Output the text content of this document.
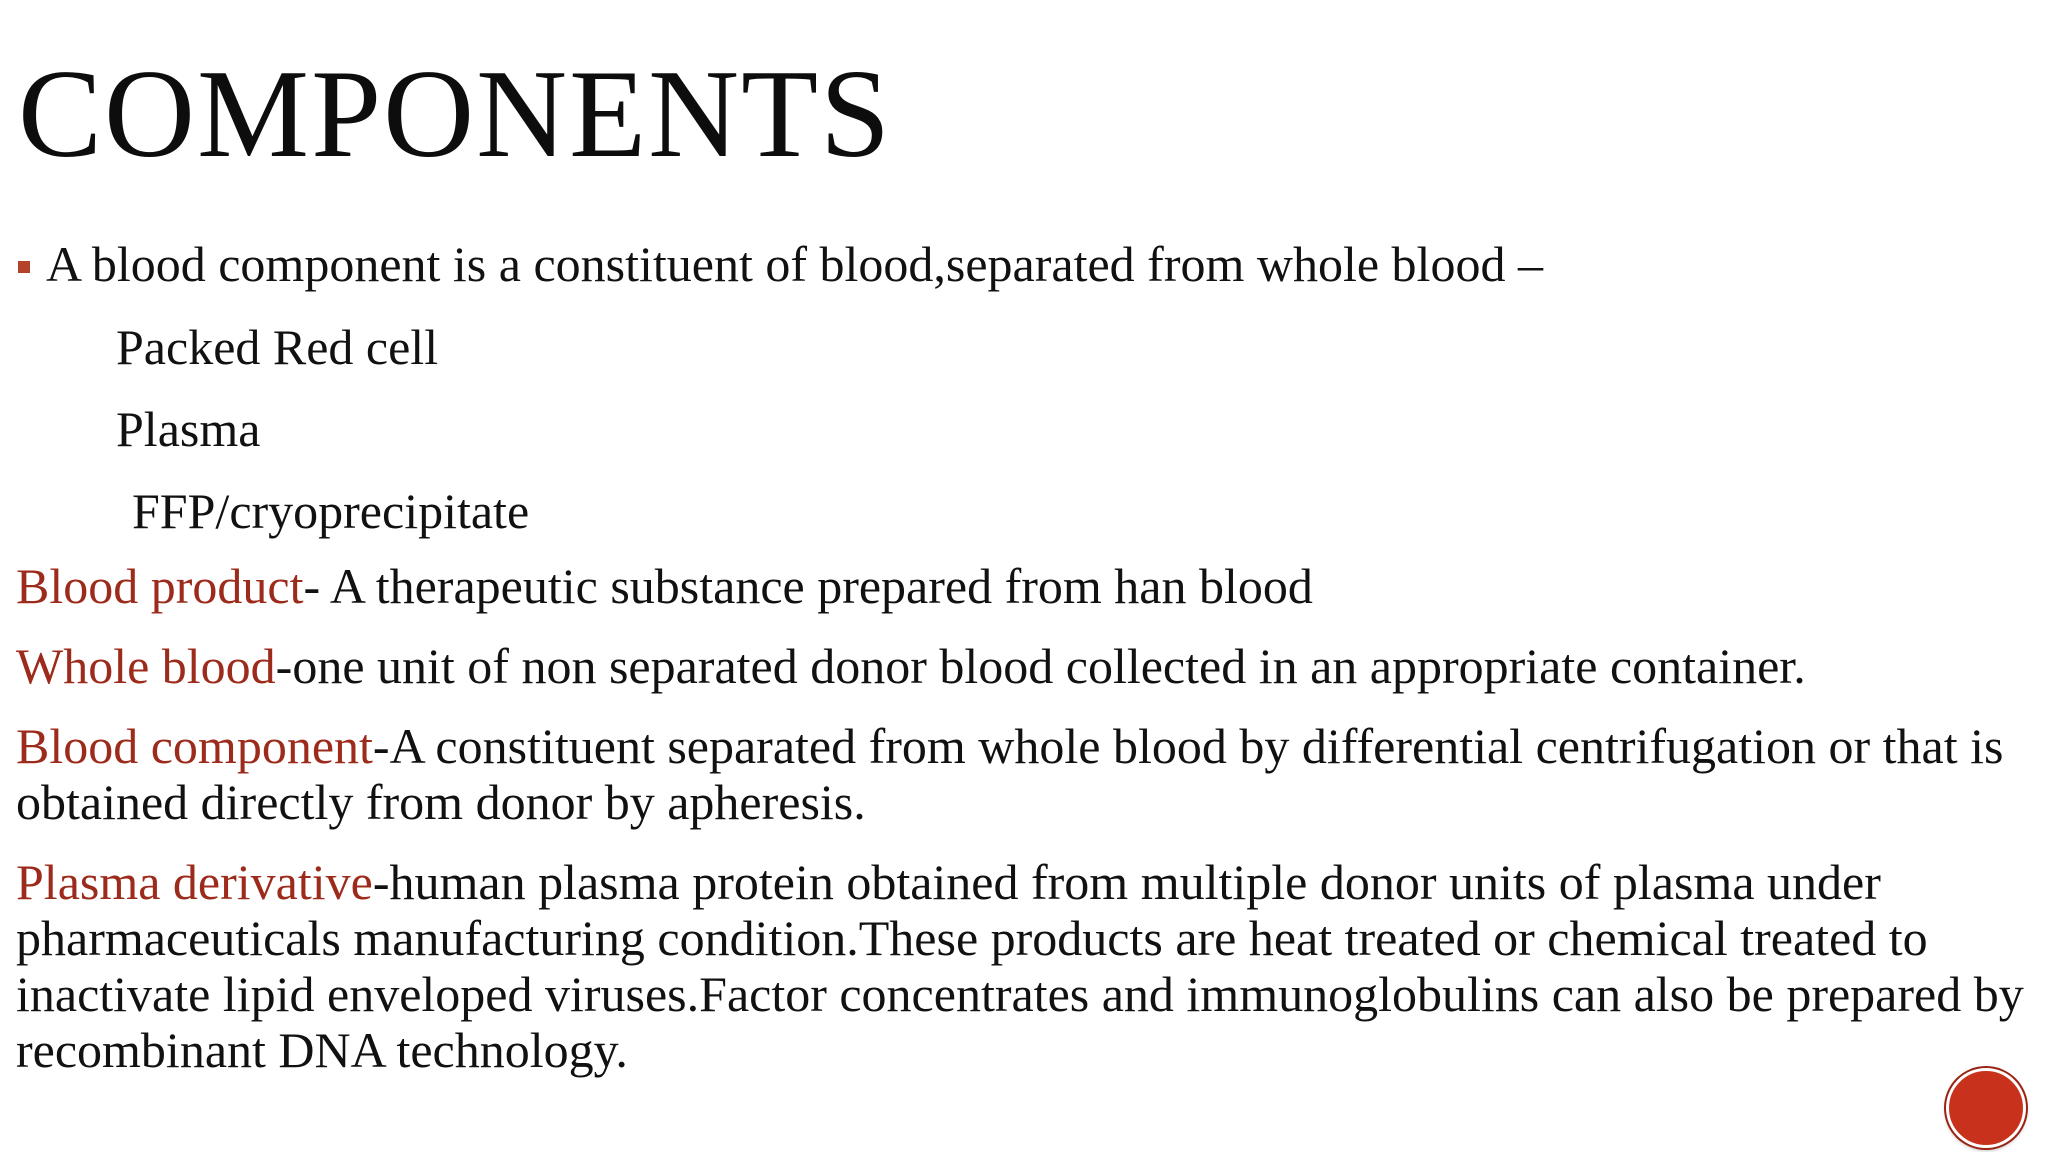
COMPONENTS
A blood component is a constituent of blood,separated from whole blood –
Packed Red cell
Plasma
FFP/cryoprecipitate

Blood product- A therapeutic substance prepared from han blood

Whole blood-one unit of non separated donor blood collected in an appropriate container.

Blood component-A constituent separated from whole blood by differential centrifugation or that is obtained directly from donor by apheresis.

Plasma derivative-human plasma protein obtained from multiple donor units of plasma under pharmaceuticals manufacturing condition.These products are heat treated or chemical treated to inactivate lipid enveloped viruses.Factor concentrates and immunoglobulins can also be prepared by recombinant DNA technology.
